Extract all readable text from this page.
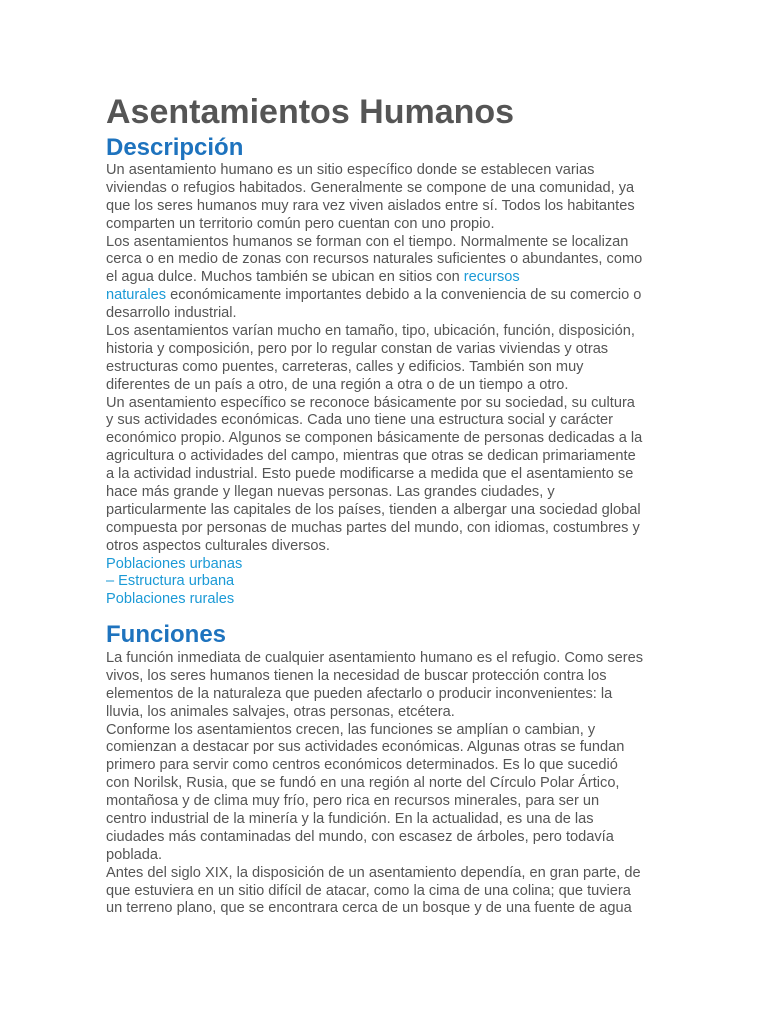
Asentamientos Humanos
Descripción
Un asentamiento humano es un sitio específico donde se establecen varias
viviendas o refugios habitados. Generalmente se compone de una comunidad, ya
que los seres humanos muy rara vez viven aislados entre sí. Todos los habitantes
comparten un territorio común pero cuentan con uno propio.
Los asentamientos humanos se forman con el tiempo. Normalmente se localizan
cerca o en medio de zonas con recursos naturales suficientes o abundantes, como
el agua dulce. Muchos también se ubican en sitios con recursos
naturales económicamente importantes debido a la conveniencia de su comercio o
desarrollo industrial.
Los asentamientos varían mucho en tamaño, tipo, ubicación, función, disposición,
historia y composición, pero por lo regular constan de varias viviendas y otras
estructuras como puentes, carreteras, calles y edificios. También son muy
diferentes de un país a otro, de una región a otra o de un tiempo a otro.
Un asentamiento específico se reconoce básicamente por su sociedad, su cultura
y sus actividades económicas. Cada uno tiene una estructura social y carácter
económico propio. Algunos se componen básicamente de personas dedicadas a la
agricultura o actividades del campo, mientras que otras se dedican primariamente
a la actividad industrial. Esto puede modificarse a medida que el asentamiento se
hace más grande y llegan nuevas personas. Las grandes ciudades, y
particularmente las capitales de los países, tienden a albergar una sociedad global
compuesta por personas de muchas partes del mundo, con idiomas, costumbres y
otros aspectos culturales diversos.
Poblaciones urbanas
– Estructura urbana
Poblaciones rurales
Funciones
La función inmediata de cualquier asentamiento humano es el refugio. Como seres
vivos, los seres humanos tienen la necesidad de buscar protección contra los
elementos de la naturaleza que pueden afectarlo o producir inconvenientes: la
lluvia, los animales salvajes, otras personas, etcétera.
Conforme los asentamientos crecen, las funciones se amplían o cambian, y
comienzan a destacar por sus actividades económicas. Algunas otras se fundan
primero para servir como centros económicos determinados. Es lo que sucedió
con Norilsk, Rusia, que se fundó en una región al norte del Círculo Polar Ártico,
montañosa y de clima muy frío, pero rica en recursos minerales, para ser un
centro industrial de la minería y la fundición. En la actualidad, es una de las
ciudades más contaminadas del mundo, con escasez de árboles, pero todavía
poblada.
Antes del siglo XIX, la disposición de un asentamiento dependía, en gran parte, de
que estuviera en un sitio difícil de atacar, como la cima de una colina; que tuviera
un terreno plano, que se encontrara cerca de un bosque y de una fuente de agua
